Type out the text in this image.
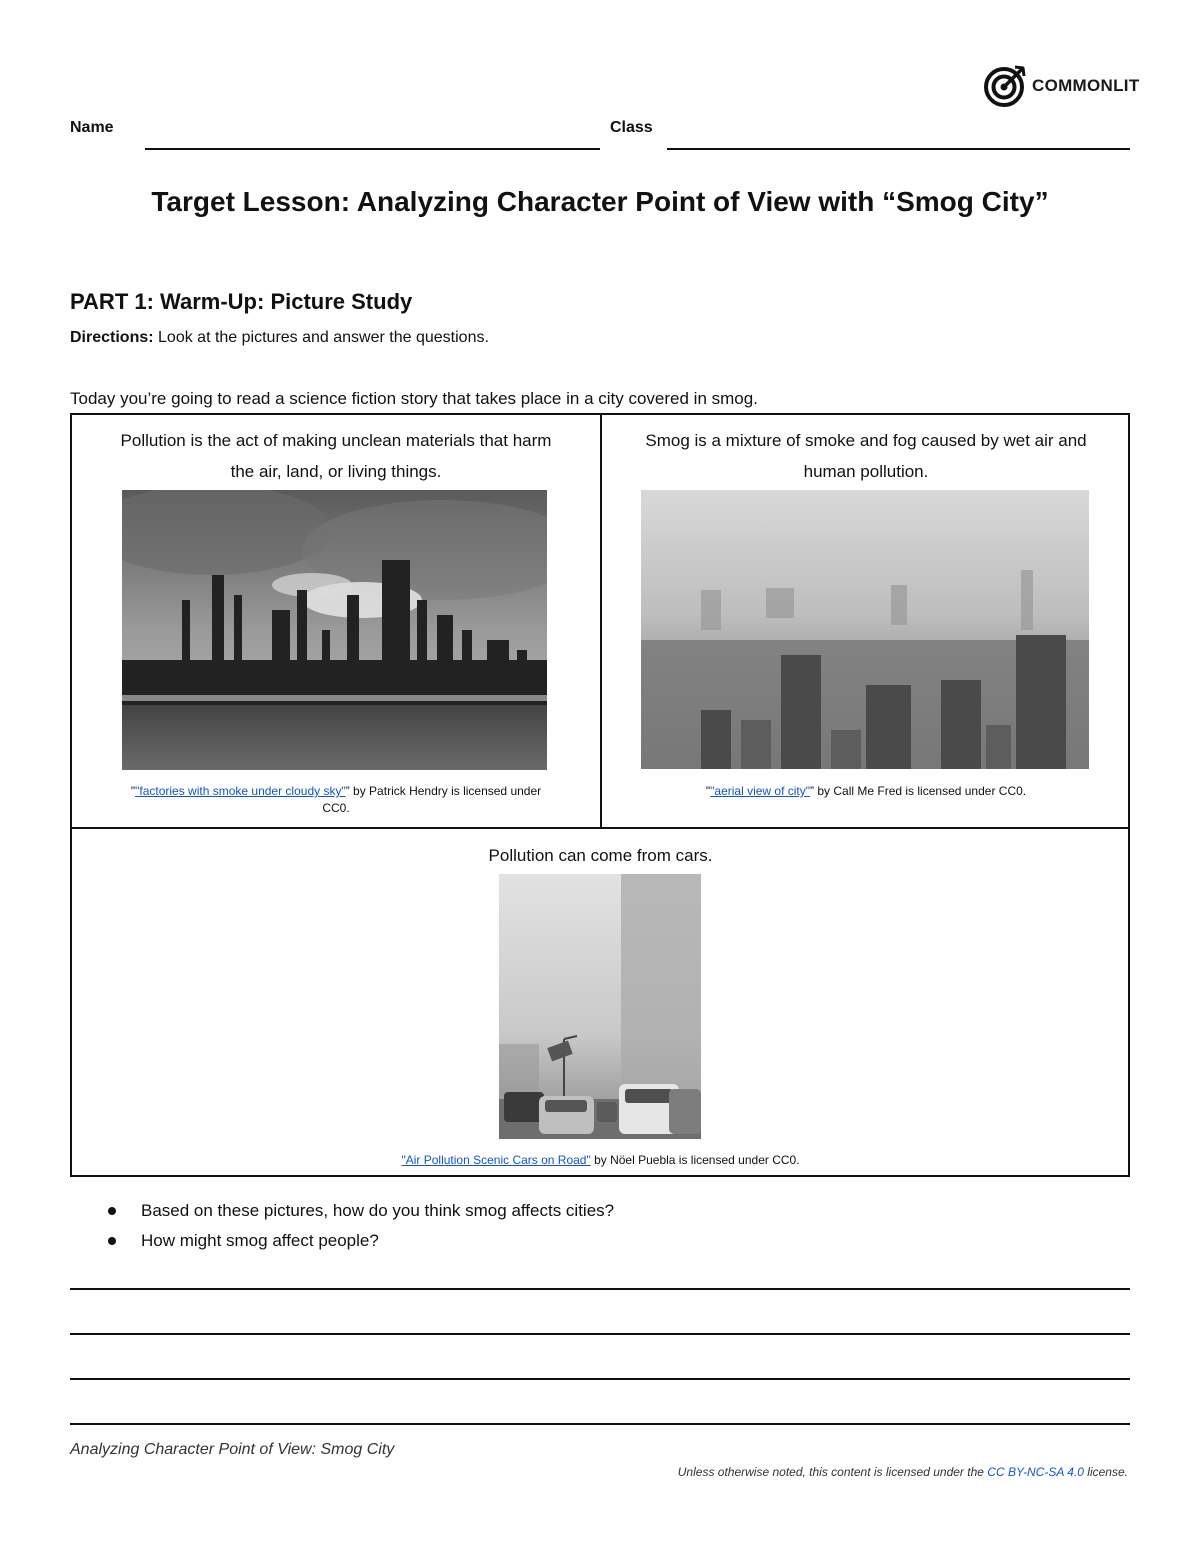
COMMONLIT
Name	Class
Target Lesson: Analyzing Character Point of View with “Smog City”
PART 1: Warm-Up: Picture Study
Directions: Look at the pictures and answer the questions.
Today you’re going to read a science fiction story that takes place in a city covered in smog.
Pollution is the act of making unclean materials that harm
the air, land, or living things.
""factories with smoke under cloudy sky"” by Patrick Hendry is licensed under
CC0.
Smog is a mixture of smoke and fog caused by wet air and
human pollution.
""aerial view of city"” by Call Me Fred is licensed under CC0.
Pollution can come from cars.
"Air Pollution Scenic Cars on Road" by Nöel Puebla is licensed under CC0.
Based on these pictures, how do you think smog affects cities?
How might smog affect people?
Analyzing Character Point of View: Smog City
Unless otherwise noted, this content is licensed under the CC BY-NC-SA 4.0 license.
